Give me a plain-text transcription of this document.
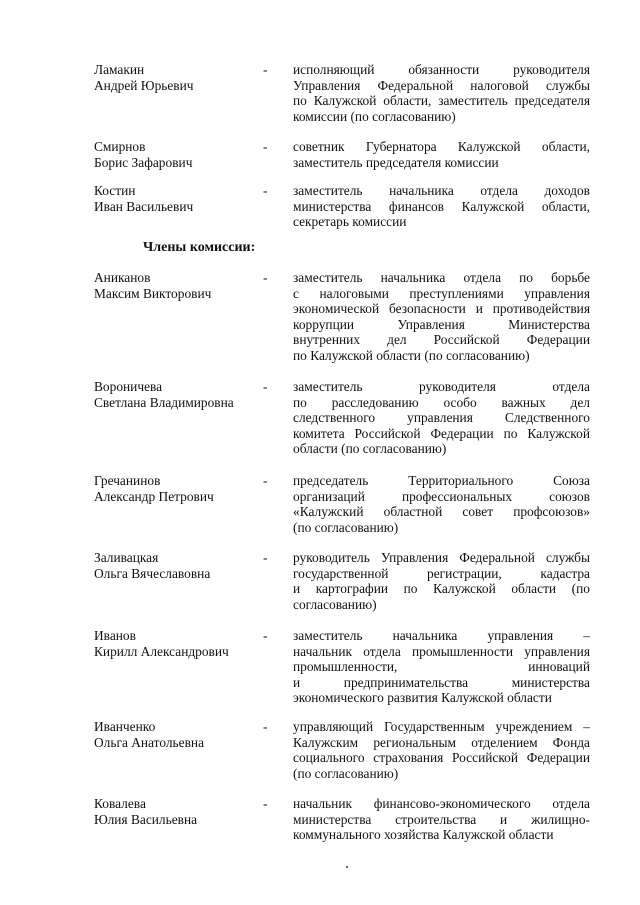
Ламакин
Андрей Юрьевич
- исполняющий обязанности руководителя
Управления Федеральной налоговой службы
по Калужской области, заместитель председателя
комиссии (по согласованию)
Смирнов
Борис Зафарович
- советник Губернатора Калужской области,
заместитель председателя комиссии
Костин
Иван Васильевич
- заместитель начальника отдела доходов
министерства финансов Калужской области,
секретарь комиссии
Члены комиссии:
Аниканов
Максим Викторович
- заместитель начальника отдела по борьбе
с налоговыми преступлениями управления
экономической безопасности и противодействия
коррупции Управления Министерства
внутренних дел Российской Федерации
по Калужской области (по согласованию)
Вороничева
Светлана Владимировна
- заместитель руководителя отдела
по расследованию особо важных дел
следственного управления Следственного
комитета Российской Федерации по Калужской
области (по согласованию)
Гречанинов
Александр Петрович
- председатель Территориального Союза
организаций профессиональных союзов
«Калужский областной совет профсоюзов»
(по согласованию)
Заливацкая
Ольга Вячеславовна
- руководитель Управления Федеральной службы
государственной регистрации, кадастра
и картографии по Калужской области (по
согласованию)
Иванов
Кирилл Александрович
- заместитель начальника управления –
начальник отдела промышленности управления
промышленности, инноваций
и предпринимательства министерства
экономического развития Калужской области
Иванченко
Ольга Анатольевна
- управляющий Государственным учреждением –
Калужским региональным отделением Фонда
социального страхования Российской Федерации
(по согласованию)
Ковалева
Юлия Васильевна
- начальник финансово-экономического отдела
министерства строительства и жилищно-
коммунального хозяйства Калужской области
